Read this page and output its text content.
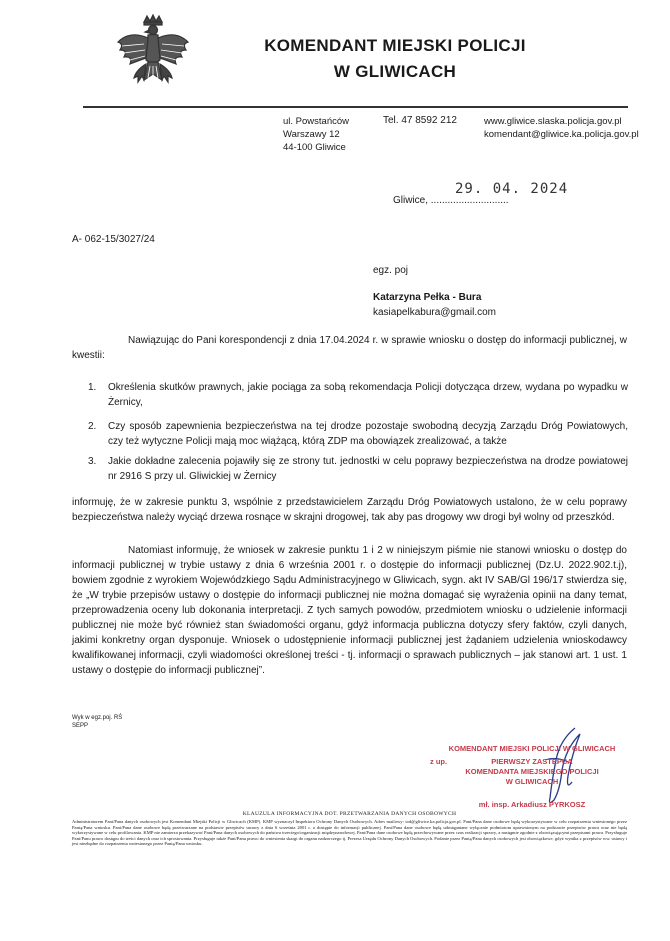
KOMENDANT MIEJSKI POLICJI
W GLIWICACH
ul. Powstańców
Warszawy 12
44-100 Gliwice
Tel. 47 8592 212	www.gliwice.slaska.policja.gov.pl
komendant@gliwice.ka.policja.gov.pl
29. 04. 2024
Gliwice, ............................
A- 062-15/3027/24
egz. poj
Katarzyna Pełka - Bura
kasiapelkabura@gmail.com
Nawiązując do Pani korespondencji z dnia 17.04.2024 r. w sprawie wniosku o dostęp do informacji publicznej, w kwestii:
1. Określenia skutków prawnych, jakie pociąga za sobą rekomendacja Policji dotycząca drzew, wydana po wypadku w Żernicy,
2. Czy sposób zapewnienia bezpieczeństwa na tej drodze pozostaje swobodną decyzją Zarządu Dróg Powiatowych, czy też wytyczne Policji mają moc wiążącą, którą ZDP ma obowiązek zrealizować, a także
3. Jakie dokładne zalecenia pojawiły się ze strony tut. jednostki w celu poprawy bezpieczeństwa na drodze powiatowej nr 2916 S przy ul. Gliwickiej w Żernicy
informuję, że w zakresie punktu 3, wspólnie z przedstawicielem Zarządu Dróg Powiatowych ustalono, że w celu poprawy bezpieczeństwa należy wyciąć drzewa rosnące w skrajni drogowej, tak aby pas drogowy ww drogi był wolny od przeszkód.
Natomiast informuję, że wniosek w zakresie punktu 1 i 2 w niniejszym piśmie nie stanowi wniosku o dostęp do informacji publicznej w trybie ustawy z dnia 6 września 2001 r. o dostępie do informacji publicznej (Dz.U. 2022.902.t.j), bowiem zgodnie z wyrokiem Wojewódzkiego Sądu Administracyjnego w Gliwicach, sygn. akt IV SAB/Gl 196/17 stwierdza się, że „W trybie przepisów ustawy o dostępie do informacji publicznej nie można domagać się wyrażenia opinii na dany temat, przeprowadzenia oceny lub dokonania interpretacji. Z tych samych powodów, przedmiotem wniosku o udzielenie informacji publicznej nie może być również stan świadomości organu, gdyż informacja publiczna dotyczy sfery faktów, czyli danych, jakimi konkretny organ dysponuje. Wniosek o udostępnienie informacji publicznej jest żądaniem udzielenia wnioskodawcy kwalifikowanej informacji, czyli wiadomości określonej treści - tj. informacji o sprawach publicznych – jak stanowi art. 1 ust. 1 ustawy o dostępie do informacji publicznej”.
Wyk w egz.poj. RŚ
SEPP
KOMENDANT MIEJSKI POLICJI W GLIWICACH
z up.	PIERWSZY ZASTĘPCA
KOMENDANTA MIEJSKIEGO POLICJI
W GLIWICACH
mł. insp. Arkadiusz PYRKOSZ
KLAUZULA INFORMACYJNA DOT. PRZETWARZANIA DANYCH OSOBOWYCH
Administratorem Pani/Pana danych osobowych jest Komendant Miejski Policji w Gliwicach (KMP). KMP wyznaczył Inspektora Ochrony Danych Osobowych. Adres mailowy: iod@gliwice.ka.policja.gov.pl. Pani/Pana dane osobowe będą wykorzystywane w celu rozpatrzenia wniesionego przez Panią/Pana wniosku. Pani/Pana dane osobowe będą przetwarzane na podstawie przepisów ustawy z dnia 6 września 2001 r. o dostępie do informacji publicznej. Pani/Pana dane osobowe będą udostępniane wyłącznie podmiotom uprawnionym na podstawie przepisów prawa oraz nie będą wykorzystywane w celu profilowania. KMP nie zamierza przekazywać Pani/Pana danych osobowych do państwa trzeciego/organizacji międzynarodowej. Pani/Pana dane osobowe będą przechowywane przez czas realizacji sprawy, a następnie zgodnie z obowiązującymi przepisami prawa. Przysługuje Pani/Panu prawo dostępu do treści danych oraz ich sprostowania. Przysługuje także Pani/Panu prawo do wniesienia skargi do organu nadzorczego tj. Prezesa Urzędu Ochrony Danych Osobowych. Podanie przez Panią/Pana danych osobowych jest obowiązkowe, gdyż wynika z przepisów ww. ustawy i jest niezbędne do rozpatrzenia wniesionego przez Panią/Pana wniosku.
